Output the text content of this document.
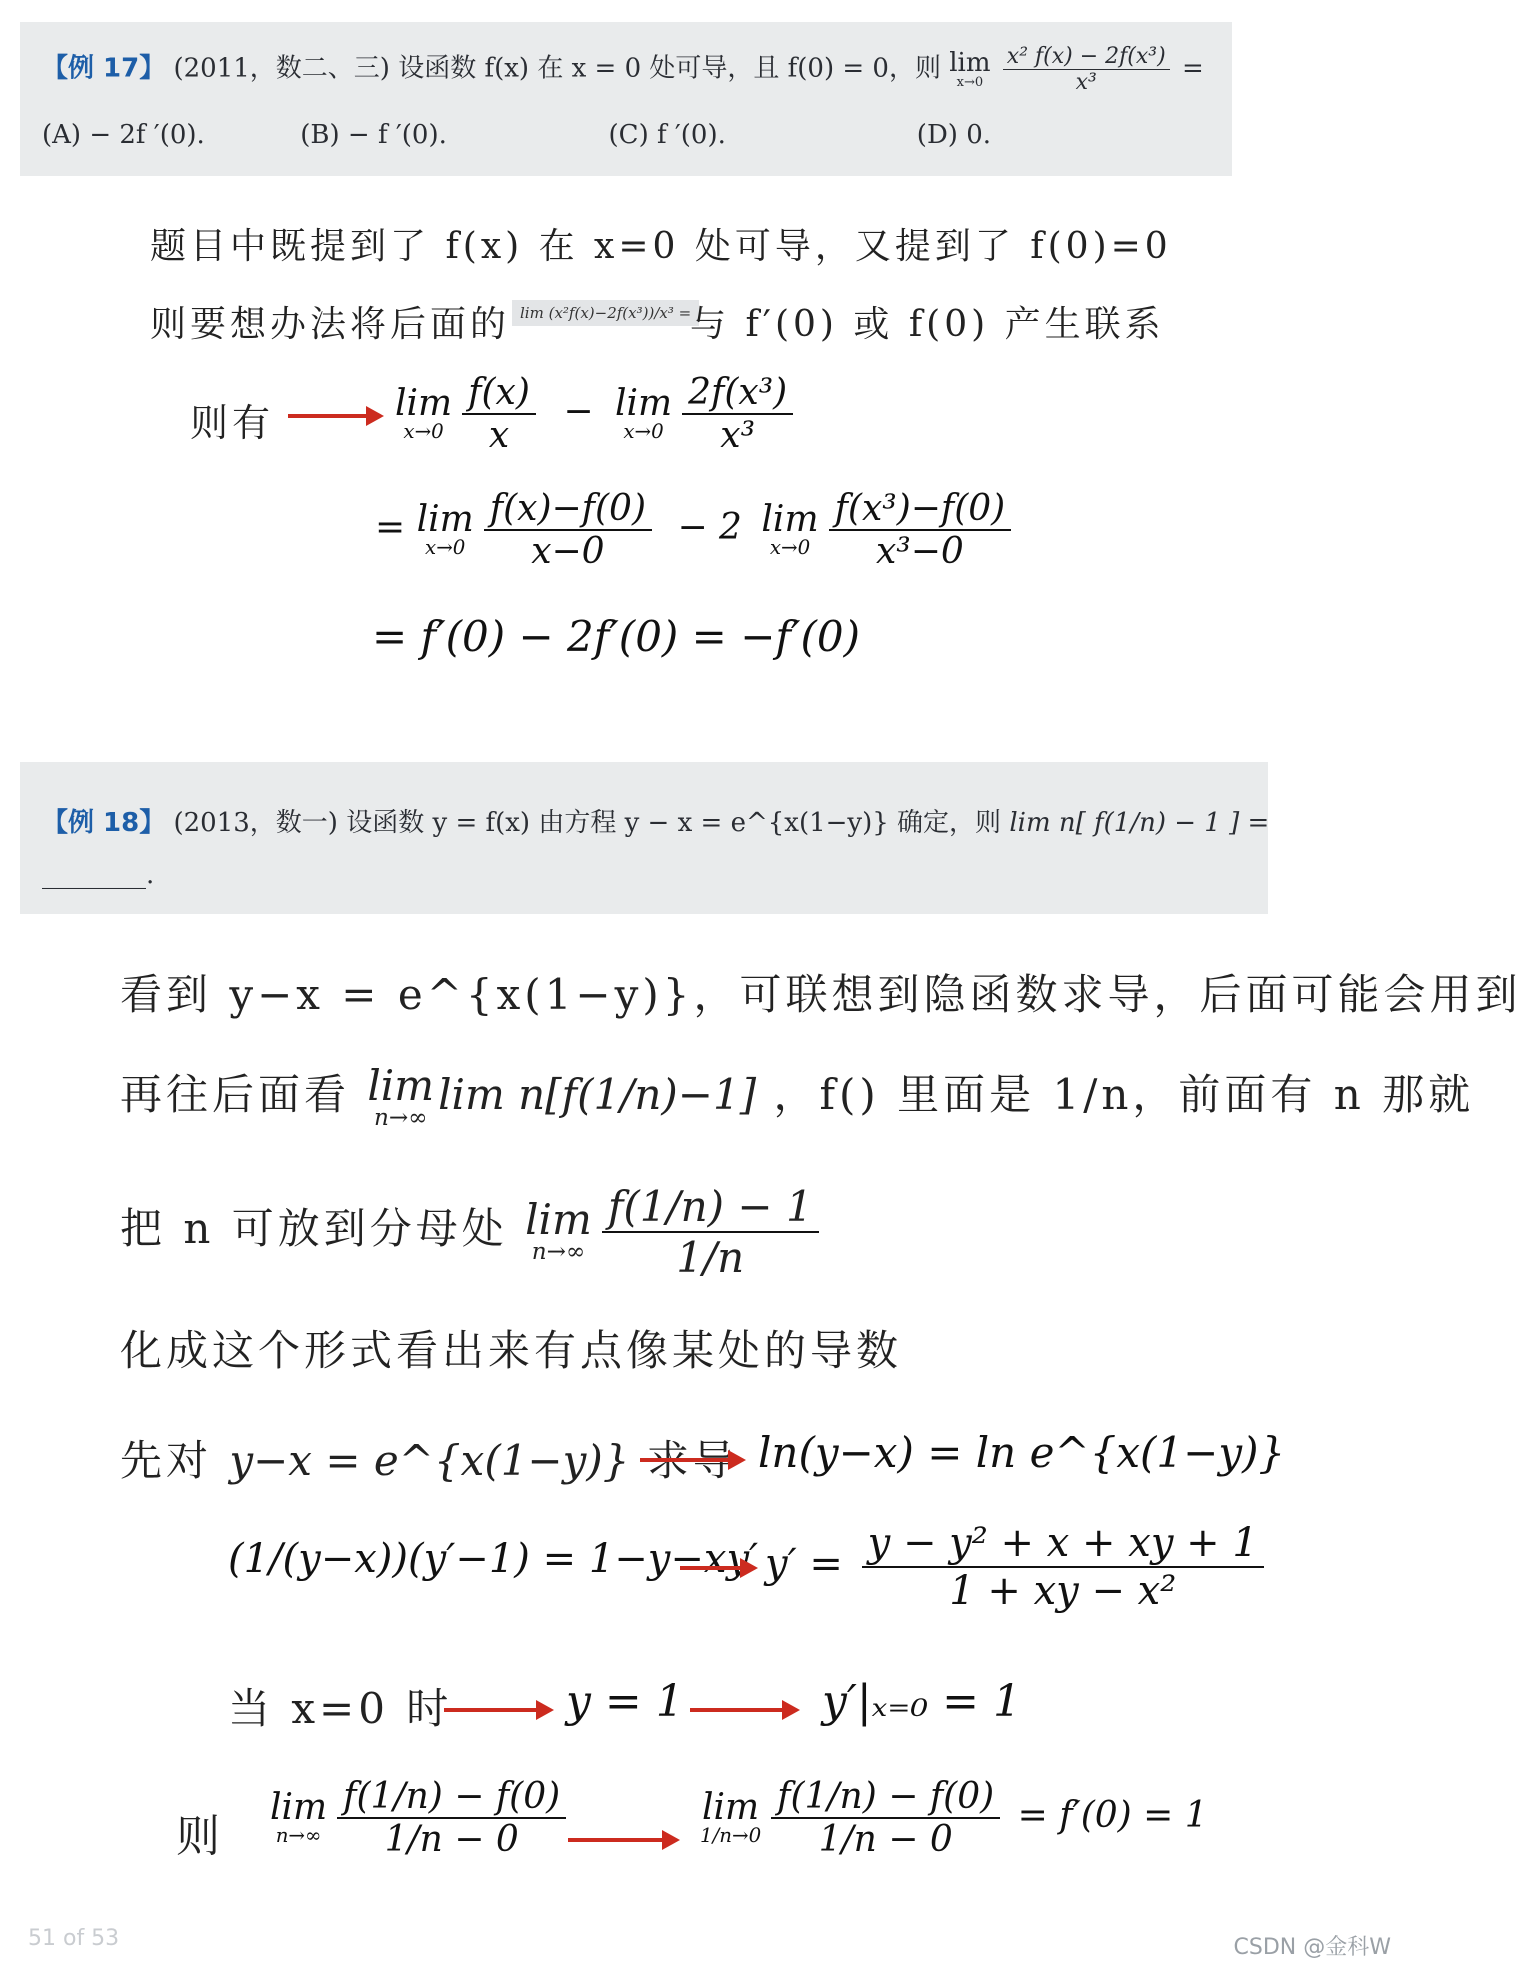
【例 17】 (2011，数二、三) 设函数 f(x) 在 x = 0 处可导，且 f(0) = 0，则 lim
x→0
$\frac{\text{x² f(x) − 2f(x³)}}{\text{x³}}$ =
(A) − 2f ′(0).	(B) − f ′(0).	(C) f ′(0).	(D) 0.
题目中既提到了 f(x) 在 x=0 处可导，又提到了 f(0)=0
则要想办法将后面的 lim (x²f(x)−2f(x³))/x³ =
与 f′(0) 或 f(0) 产生联系
则有	lim
$x\to 0 \frac{f(x)}{x} - \lim$
$x\to 0 \frac{\text{2f(x³)}}{\text{x³}}$
= lim
$x\to 0 \frac{f(x)-f(0)}{x-0} - 2$ lim
$x\to 0 \frac{\text{f(x³)−f(0)}}{\text{x³−0}}$
= f′(0) − 2f′(0) = −f′(0)
【例 18】 (2013，数一) 设函数 y = f(x) 由方程 y − x = e^{x(1−y)} 确定，则 lim n[ f(1/n) − 1 ] =
________.
看到 y−x = e^{x(1−y)}，可联想到隐函数求导，后面可能会用到
再往后面看 lim
n→∞ lim n[f(1/n)−1] ，f() 里面是 1/n，前面有 n 那就
把 n 可放到分母处 lim
$n\to\infty \frac{f(1/n) - 1}{1/n}$
化成这个形式看出来有点像某处的导数
先对 y−x = e^{x(1−y)} 求导 ln(y−x) = ln e^{x(1−y)}
(1/(y−x))(y′−1) = 1−y−xy′ $y' = \frac{\text{y − y² + x + xy + 1}}{\text{1 + xy − x²}}$
当 x=0 时	y = 1	y′|ₓ₌₀ = 1
则
lim
$n\to\infty \frac{f(1/n) - f(0)}{1/n - 0}$	lim
$1/n\to 0 \frac{f(1/n) - f(0)}{1/n - 0} = f'(0) = 1$
51 of 53	CSDN @金科W
